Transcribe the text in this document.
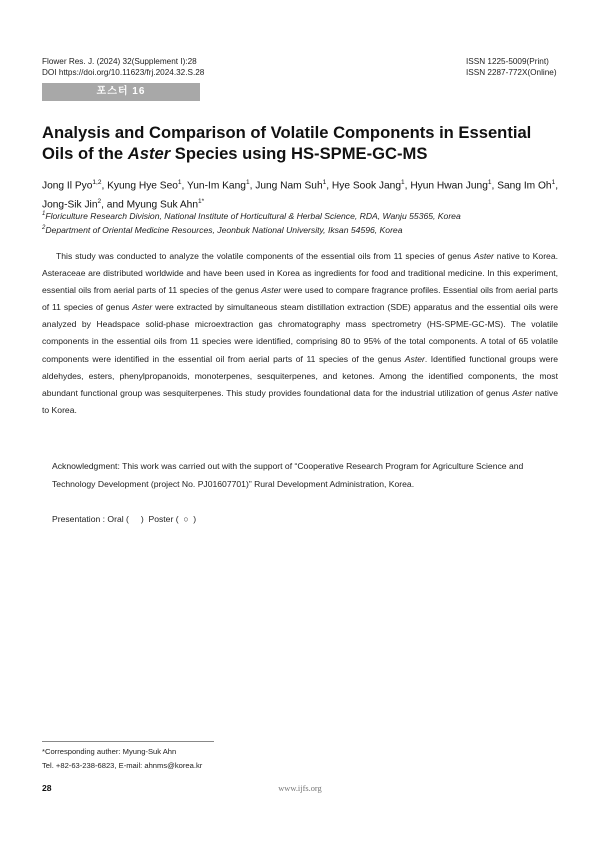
Flower Res. J. (2024) 32(Supplement I):28
DOI https://doi.org/10.11623/frj.2024.32.S.28
ISSN 1225-5009(Print)
ISSN 2287-772X(Online)
포스터 16
Analysis and Comparison of Volatile Components in Essential Oils of the Aster Species using HS-SPME-GC-MS
Jong Il Pyo$^{1,2}$, Kyung Hye Seo$^1$, Yun-Im Kang$^1$, Jung Nam Suh$^1$, Hye Sook Jang$^1$, Hyun Hwan Jung$^1$, Sang Im Oh$^1$, Jong-Sik Jin$^2$, and Myung Suk Ahn$^{1*}$
$^1$Floriculture Research Division, National Institute of Horticultural & Herbal Science, RDA, Wanju 55365, Korea
$^2$Department of Oriental Medicine Resources, Jeonbuk National University, Iksan 54596, Korea
This study was conducted to analyze the volatile components of the essential oils from 11 species of genus Aster native to Korea. Asteraceae are distributed worldwide and have been used in Korea as ingredients for food and traditional medicine. In this experiment, essential oils from aerial parts of 11 species of the genus Aster were used to compare fragrance profiles. Essential oils from aerial parts of 11 species of genus Aster were extracted by simultaneous steam distillation extraction (SDE) apparatus and the essential oils were analyzed by Headspace solid-phase microextraction gas chromatography mass spectrometry (HS-SPME-GC-MS). The volatile components in the essential oils from 11 species were identified, comprising 80 to 95% of the total components. A total of 65 volatile components were identified in the essential oil from aerial parts of 11 species of the genus Aster. Identified functional groups were aldehydes, esters, phenylpropanoids, monoterpenes, sesquiterpenes, and ketones. Among the identified components, the most abundant functional group was sesquiterpenes. This study provides foundational data for the industrial utilization of genus Aster native to Korea.
Acknowledgment: This work was carried out with the support of “Cooperative Research Program for Agriculture Science and Technology Development (project No. PJ01607701)” Rural Development Administration, Korea.
Presentation : Oral (     )  Poster (  ○  )
*Corresponding auther: Myung-Suk Ahn
Tel. +82-63-238-6823, E-mail: ahnms@korea.kr
28	www.ijfs.org
